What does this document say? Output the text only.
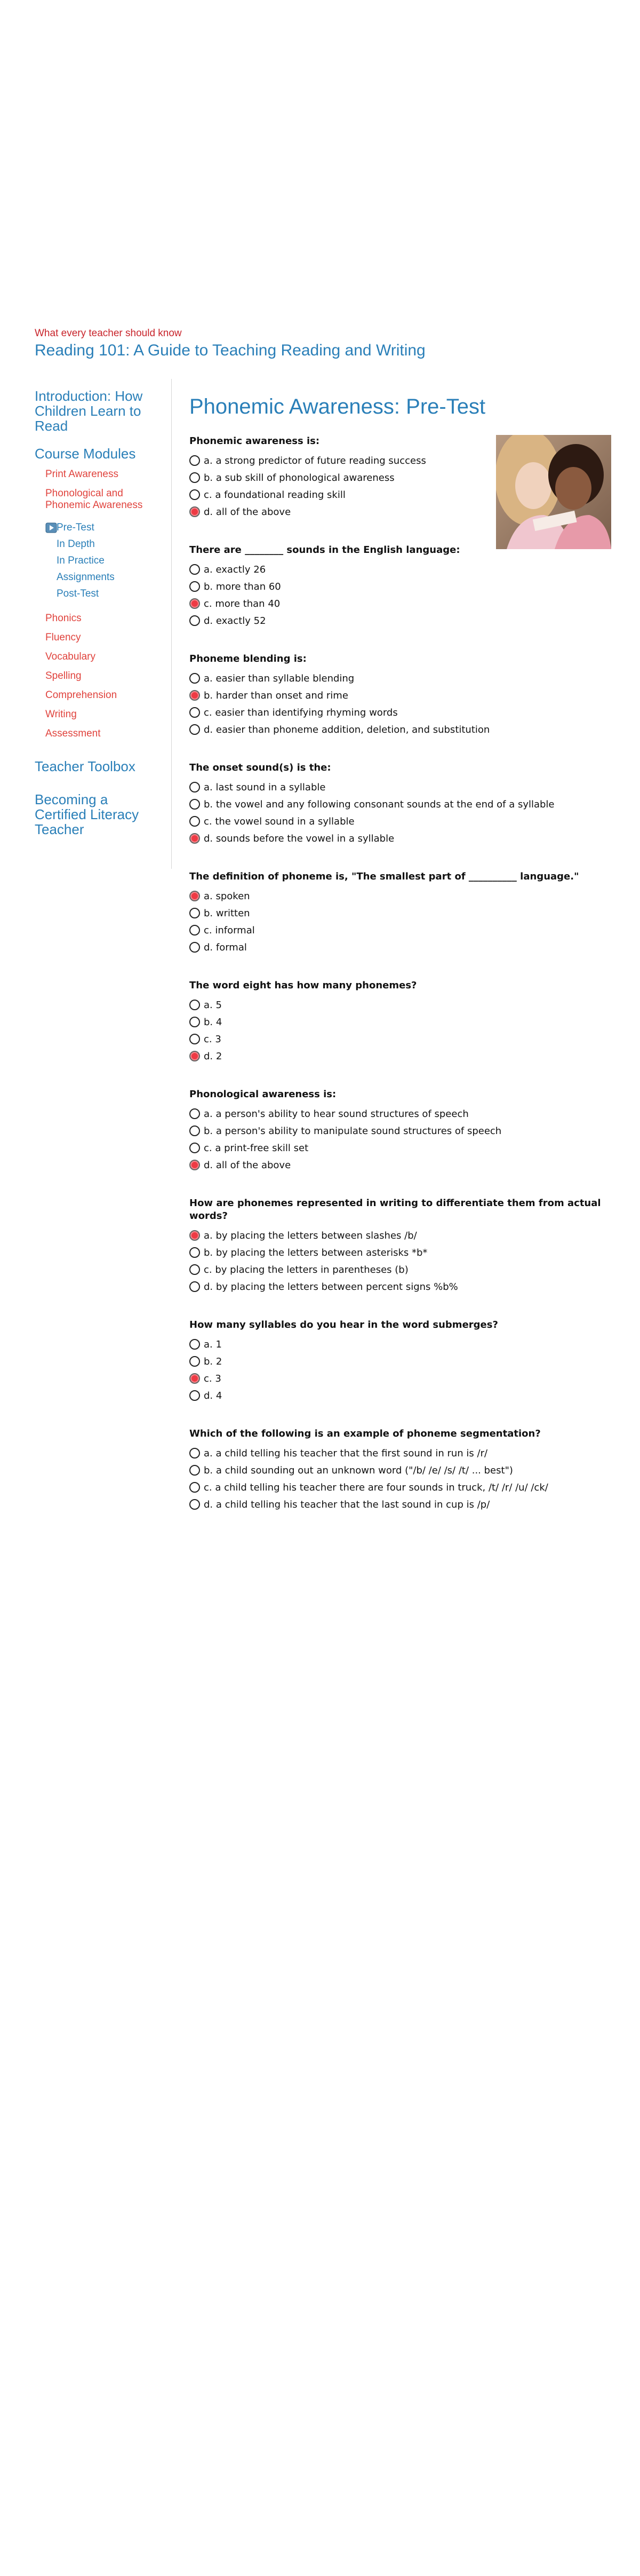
What every teacher should know
Reading 101: A Guide to Teaching Reading and Writing
Introduction: How Children Learn to Read
Course Modules
Print Awareness
Phonological and Phonemic Awareness
Pre-Test
In Depth
In Practice
Assignments
Post-Test
Phonics
Fluency
Vocabulary
Spelling
Comprehension
Writing
Assessment
Teacher Toolbox
Becoming a Certified Literacy Teacher
Phonemic Awareness: Pre-Test
Phonemic awareness is:
a. a strong predictor of future reading success
b. a sub skill of phonological awareness
c. a foundational reading skill
d. all of the above
There are ________ sounds in the English language:
a. exactly 26
b. more than 60
c. more than 40
d. exactly 52
Phoneme blending is:
a. easier than syllable blending
b. harder than onset and rime
c. easier than identifying rhyming words
d. easier than phoneme addition, deletion, and substitution
The onset sound(s) is the:
a. last sound in a syllable
b. the vowel and any following consonant sounds at the end of a syllable
c. the vowel sound in a syllable
d. sounds before the vowel in a syllable
The definition of phoneme is, "The smallest part of __________ language."
a. spoken
b. written
c. informal
d. formal
The word eight has how many phonemes?
a. 5
b. 4
c. 3
d. 2
Phonological awareness is:
a. a person's ability to hear sound structures of speech
b. a person's ability to manipulate sound structures of speech
c. a print-free skill set
d. all of the above
How are phonemes represented in writing to differentiate them from actual words?
a. by placing the letters between slashes /b/
b. by placing the letters between asterisks *b*
c. by placing the letters in parentheses (b)
d. by placing the letters between percent signs %b%
How many syllables do you hear in the word submerges?
a. 1
b. 2
c. 3
d. 4
Which of the following is an example of phoneme segmentation?
a. a child telling his teacher that the first sound in run is /r/
b. a child sounding out an unknown word ("/b/ /e/ /s/ /t/ ... best")
c. a child telling his teacher there are four sounds in truck, /t/ /r/ /u/ /ck/
d. a child telling his teacher that the last sound in cup is /p/
